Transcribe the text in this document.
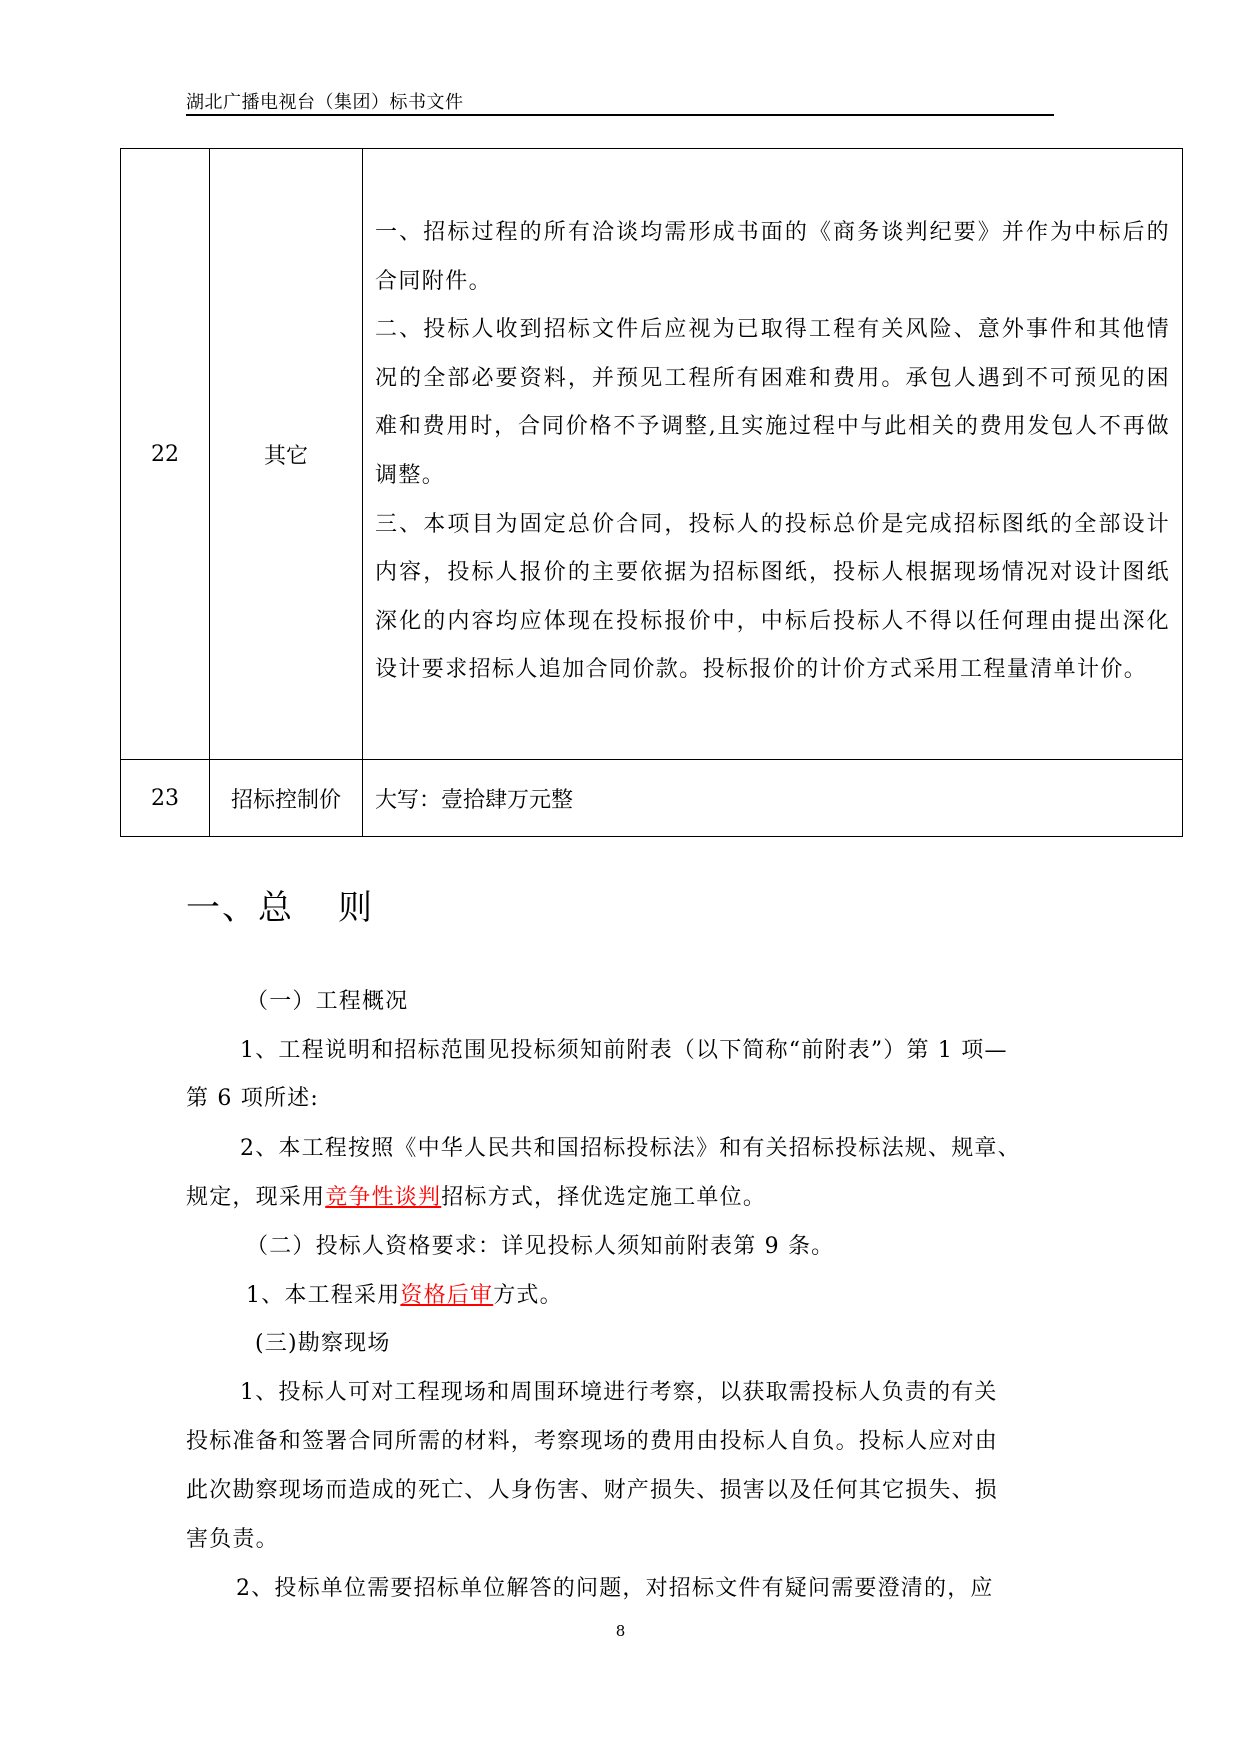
湖北广播电视台（集团）标书文件
22	其它	一、招标过程的所有洽谈均需形成书面的《商务谈判纪要》并作为中标后的合同附件。
二、投标人收到招标文件后应视为已取得工程有关风险、意外事件和其他情况的全部必要资料，并预见工程所有困难和费用。承包人遇到不可预见的困难和费用时，合同价格不予调整,且实施过程中与此相关的费用发包人不再做调整。
三、本项目为固定总价合同，投标人的投标总价是完成招标图纸的全部设计内容，投标人报价的主要依据为招标图纸，投标人根据现场情况对设计图纸深化的内容均应体现在投标报价中，中标后投标人不得以任何理由提出深化设计要求招标人追加合同价款。投标报价的计价方式采用工程量清单计价。

23	招标控制价	大写：壹拾肆万元整
一、总 则
（一）工程概况
1、工程说明和招标范围见投标须知前附表（以下简称“前附表”）第 1 项—
第 6 项所述:
2、本工程按照《中华人民共和国招标投标法》和有关招标投标法规、规章、
规定，现采用竞争性谈判招标方式，择优选定施工单位。
（二）投标人资格要求：详见投标人须知前附表第 9 条。
1、本工程采用资格后审方式。
(三)勘察现场
1、投标人可对工程现场和周围环境进行考察，以获取需投标人负责的有关
投标准备和签署合同所需的材料，考察现场的费用由投标人自负。投标人应对由
此次勘察现场而造成的死亡、人身伤害、财产损失、损害以及任何其它损失、损
害负责。
2、投标单位需要招标单位解答的问题，对招标文件有疑问需要澄清的，应
8
